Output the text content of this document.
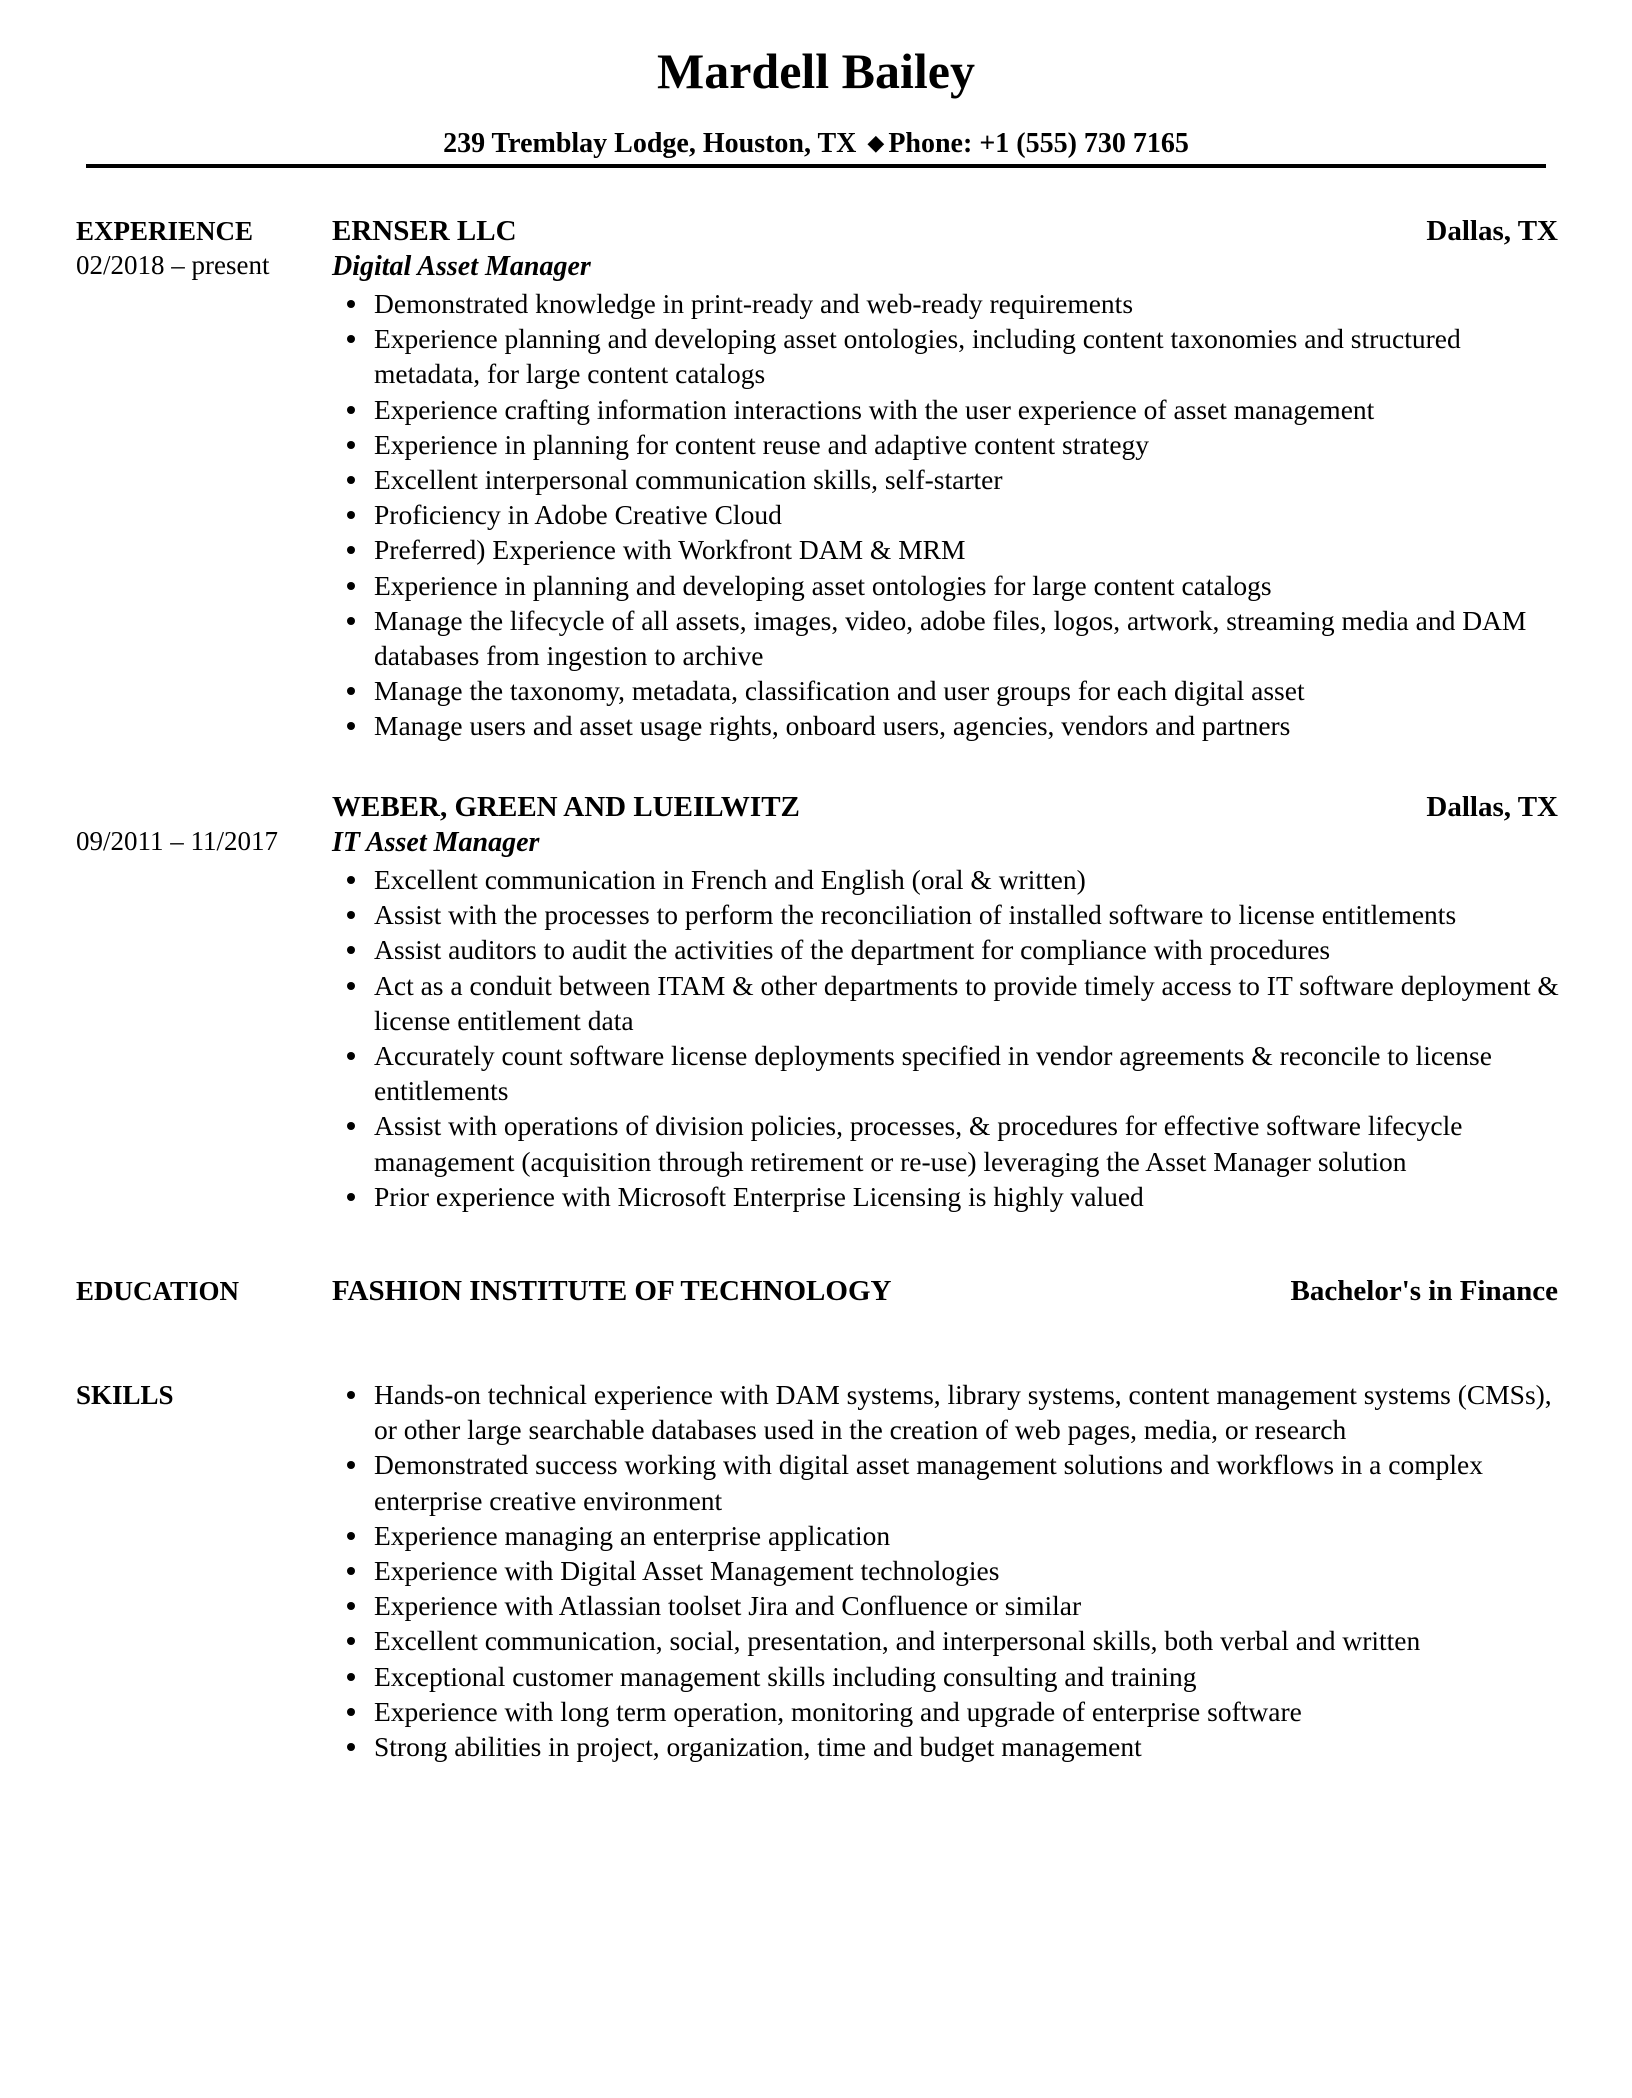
Mardell Bailey
239 Tremblay Lodge, Houston, TX ◆ Phone: +1 (555) 730 7165
EXPERIENCE
02/2018 – present
ERNSER LLC	Dallas, TX
Digital Asset Manager
Demonstrated knowledge in print-ready and web-ready requirements
Experience planning and developing asset ontologies, including content taxonomies and structured metadata, for large content catalogs
Experience crafting information interactions with the user experience of asset management
Experience in planning for content reuse and adaptive content strategy
Excellent interpersonal communication skills, self-starter
Proficiency in Adobe Creative Cloud
Preferred) Experience with Workfront DAM & MRM
Experience in planning and developing asset ontologies for large content catalogs
Manage the lifecycle of all assets, images, video, adobe files, logos, artwork, streaming media and DAM databases from ingestion to archive
Manage the taxonomy, metadata, classification and user groups for each digital asset
Manage users and asset usage rights, onboard users, agencies, vendors and partners
09/2011 – 11/2017
WEBER, GREEN AND LUEILWITZ	Dallas, TX
IT Asset Manager
Excellent communication in French and English (oral & written)
Assist with the processes to perform the reconciliation of installed software to license entitlements
Assist auditors to audit the activities of the department for compliance with procedures
Act as a conduit between ITAM & other departments to provide timely access to IT software deployment & license entitlement data
Accurately count software license deployments specified in vendor agreements & reconcile to license entitlements
Assist with operations of division policies, processes, & procedures for effective software lifecycle management (acquisition through retirement or re-use) leveraging the Asset Manager solution
Prior experience with Microsoft Enterprise Licensing is highly valued
EDUCATION	FASHION INSTITUTE OF TECHNOLOGY	Bachelor's in Finance
SKILLS	Hands-on technical experience with DAM systems, library systems, content management systems (CMSs), or other large searchable databases used in the creation of web pages, media, or research
Demonstrated success working with digital asset management solutions and workflows in a complex enterprise creative environment
Experience managing an enterprise application
Experience with Digital Asset Management technologies
Experience with Atlassian toolset Jira and Confluence or similar
Excellent communication, social, presentation, and interpersonal skills, both verbal and written
Exceptional customer management skills including consulting and training
Experience with long term operation, monitoring and upgrade of enterprise software
Strong abilities in project, organization, time and budget management
